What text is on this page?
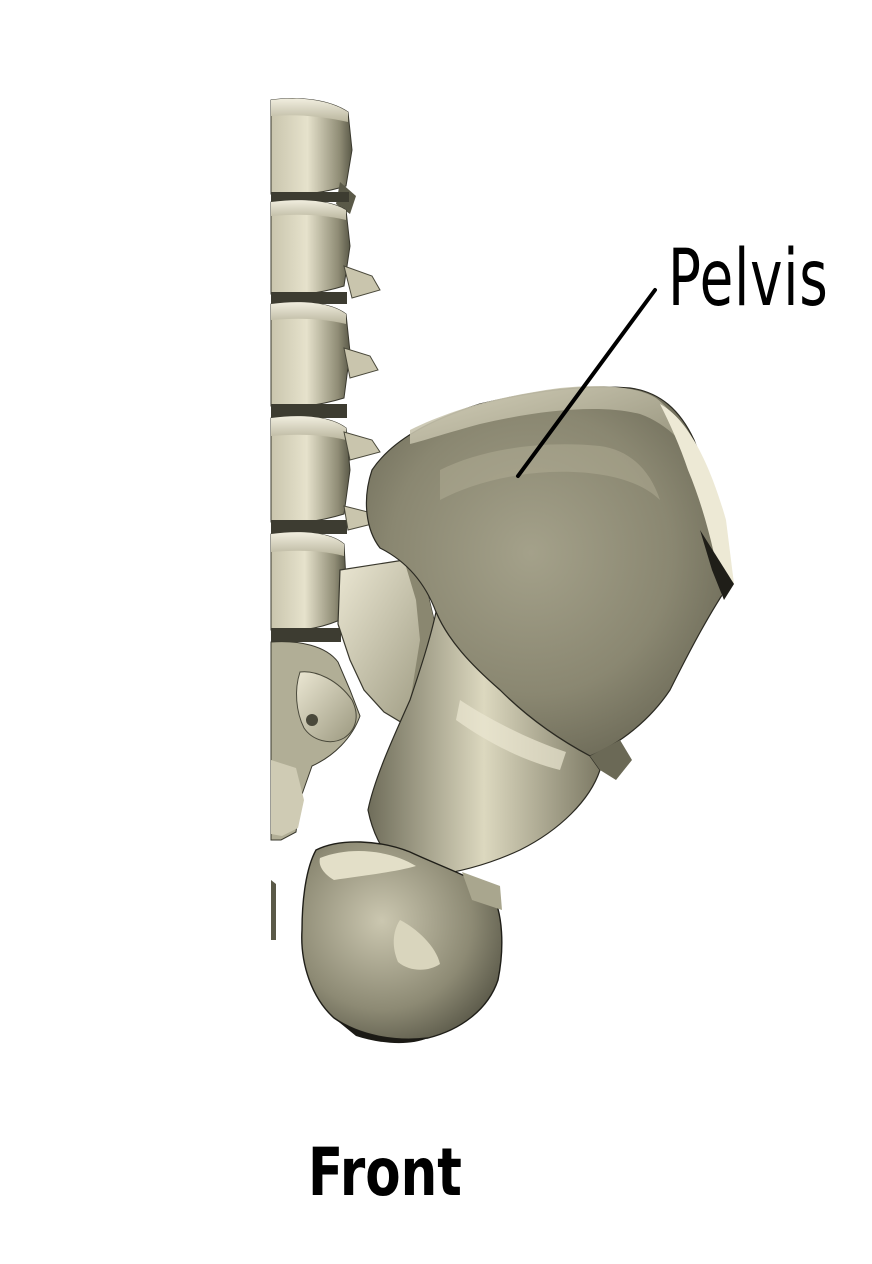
Pelvis
Front
